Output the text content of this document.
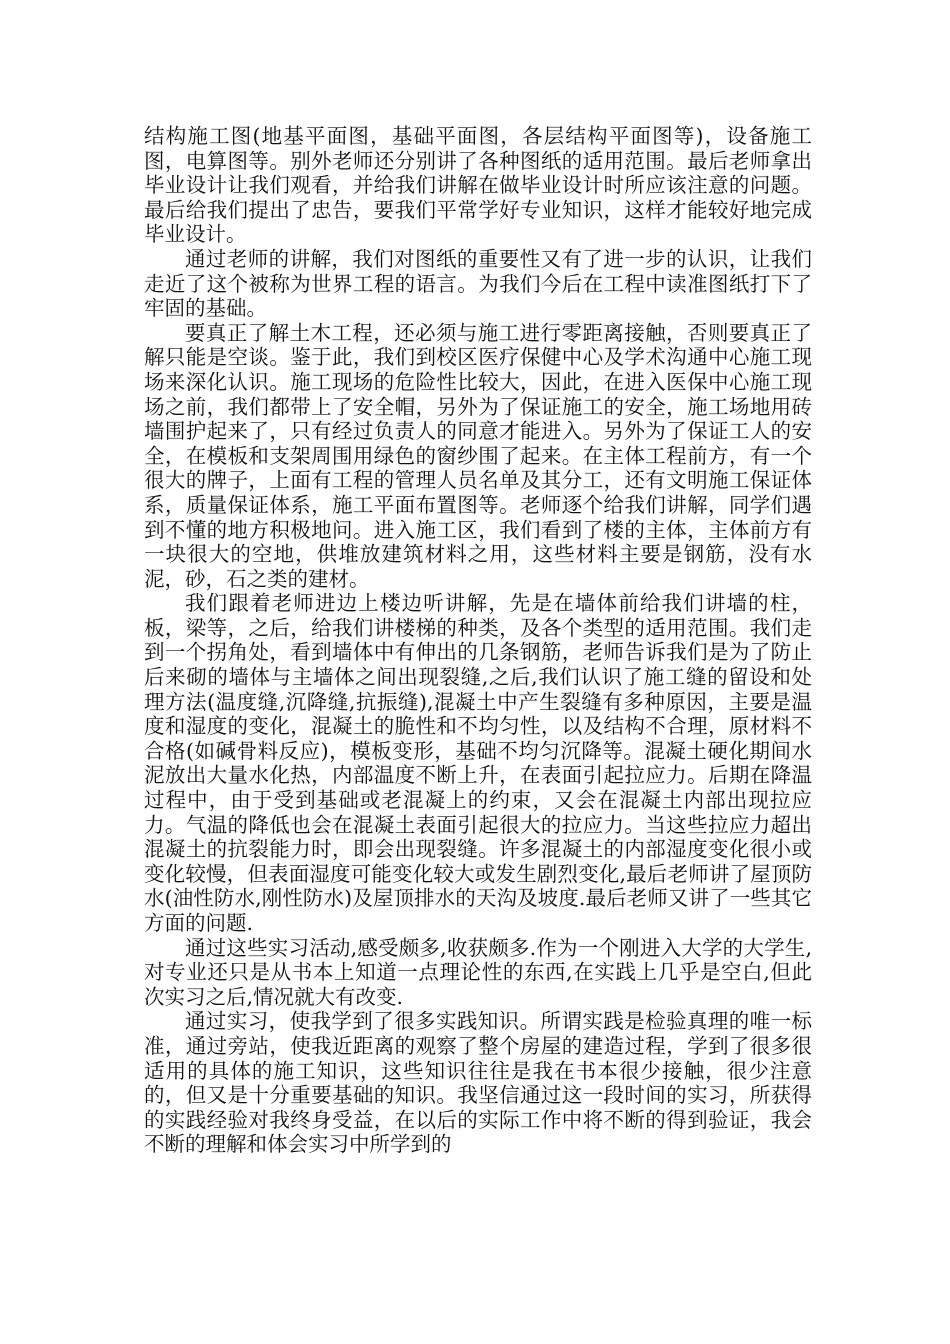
结构施工图(地基平面图，基础平面图，各层结构平面图等)，设备施工图，电算图等。别外老师还分别讲了各种图纸的适用范围。最后老师拿出毕业设计让我们观看，并给我们讲解在做毕业设计时所应该注意的问题。最后给我们提出了忠告，要我们平常学好专业知识，这样才能较好地完成毕业设计。

通过老师的讲解，我们对图纸的重要性又有了进一步的认识，让我们走近了这个被称为世界工程的语言。为我们今后在工程中读准图纸打下了牢固的基础。

要真正了解土木工程，还必须与施工进行零距离接触，否则要真正了解只能是空谈。鉴于此，我们到校区医疗保健中心及学术沟通中心施工现场来深化认识。施工现场的危险性比较大，因此，在进入医保中心施工现场之前，我们都带上了安全帽，另外为了保证施工的安全，施工场地用砖墙围护起来了，只有经过负责人的同意才能进入。另外为了保证工人的安全，在模板和支架周围用绿色的窗纱围了起来。在主体工程前方，有一个很大的牌子，上面有工程的管理人员名单及其分工，还有文明施工保证体系，质量保证体系，施工平面布置图等。老师逐个给我们讲解，同学们遇到不懂的地方积极地问。进入施工区，我们看到了楼的主体，主体前方有一块很大的空地，供堆放建筑材料之用，这些材料主要是钢筋，没有水泥，砂，石之类的建材。

我们跟着老师进边上楼边听讲解，先是在墙体前给我们讲墙的柱，板，梁等，之后，给我们讲楼梯的种类，及各个类型的适用范围。我们走到一个拐角处，看到墙体中有伸出的几条钢筋，老师告诉我们是为了防止后来砌的墙体与主墙体之间出现裂缝,之后,我们认识了施工缝的留设和处理方法(温度缝,沉降缝,抗振缝),混凝土中产生裂缝有多种原因，主要是温度和湿度的变化，混凝土的脆性和不均匀性，以及结构不合理，原材料不合格(如碱骨料反应)，模板变形，基础不均匀沉降等。混凝土硬化期间水泥放出大量水化热，内部温度不断上升，在表面引起拉应力。后期在降温过程中，由于受到基础或老混凝上的约束，又会在混凝土内部出现拉应力。气温的降低也会在混凝土表面引起很大的拉应力。当这些拉应力超出混凝土的抗裂能力时，即会出现裂缝。许多混凝土的内部湿度变化很小或变化较慢，但表面湿度可能变化较大或发生剧烈变化,最后老师讲了屋顶防水(油性防水,刚性防水)及屋顶排水的天沟及坡度.最后老师又讲了一些其它方面的问题.

通过这些实习活动,感受颇多,收获颇多.作为一个刚进入大学的大学生,对专业还只是从书本上知道一点理论性的东西,在实践上几乎是空白,但此次实习之后,情况就大有改变.

通过实习，使我学到了很多实践知识。所谓实践是检验真理的唯一标准，通过旁站，使我近距离的观察了整个房屋的建造过程，学到了很多很适用的具体的施工知识，这些知识往往是我在书本很少接触，很少注意的，但又是十分重要基础的知识。我坚信通过这一段时间的实习，所获得的实践经验对我终身受益，在以后的实际工作中将不断的得到验证，我会不断的理解和体会实习中所学到的
